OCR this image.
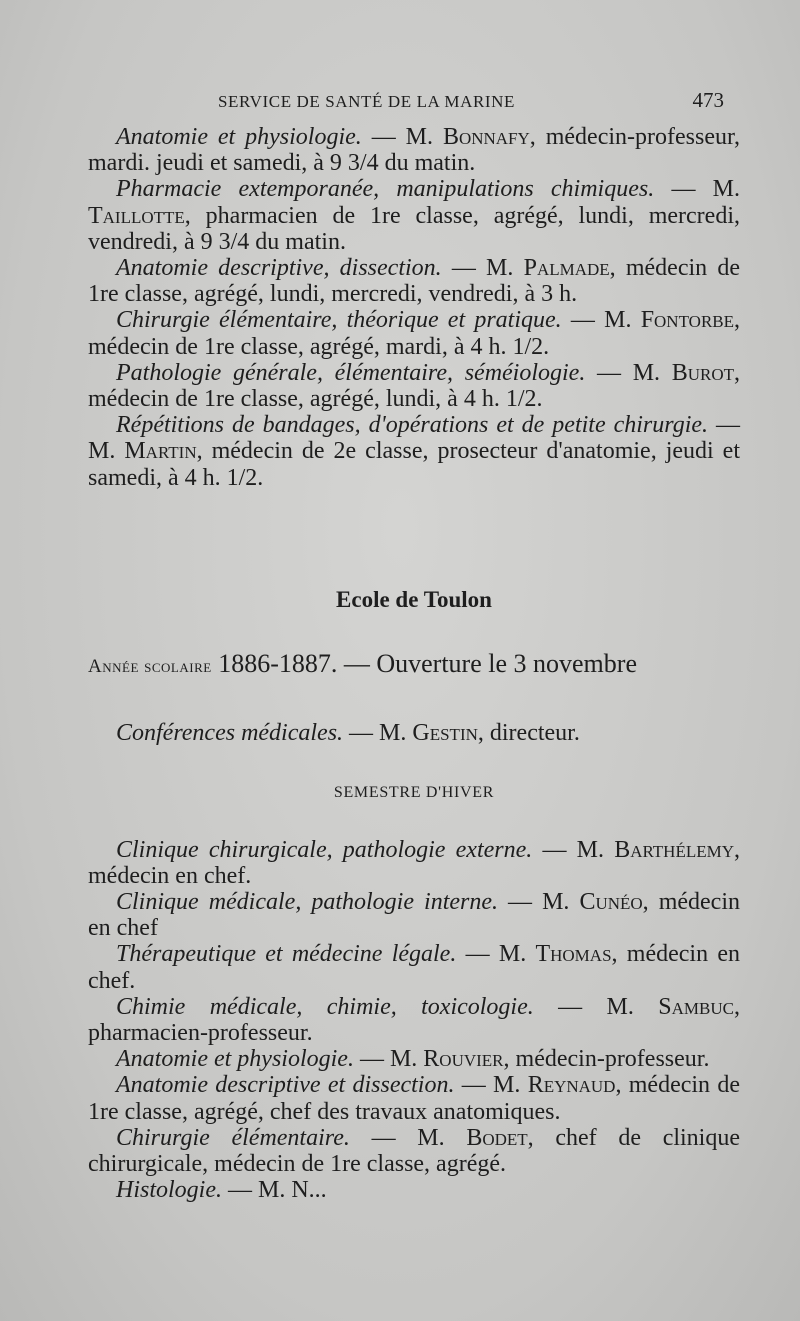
SERVICE DE SANTÉ DE LA MARINE	473

Anatomie et physiologie. — M. Bonnafy, médecin-professeur, mardi. jeudi et samedi, à 9 3/4 du matin.

Pharmacie extemporanée, manipulations chimiques. — M. Taillotte, pharmacien de 1re classe, agrégé, lundi, mercredi, vendredi, à 9 3/4 du matin.

Anatomie descriptive, dissection. — M. Palmade, médecin de 1re classe, agrégé, lundi, mercredi, vendredi, à 3 h.

Chirurgie élémentaire, théorique et pratique. — M. Fontorbe, médecin de 1re classe, agrégé, mardi, à 4 h. 1/2.

Pathologie générale, élémentaire, séméiologie. — M. Burot, médecin de 1re classe, agrégé, lundi, à 4 h. 1/2.

Répétitions de bandages, d'opérations et de petite chirurgie. — M. Martin, médecin de 2e classe, prosecteur d'anatomie, jeudi et samedi, à 4 h. 1/2.

Ecole de Toulon

Année scolaire 1886-1887. — Ouverture le 3 novembre

Conférences médicales. — M. Gestin, directeur.

SEMESTRE D'HIVER

Clinique chirurgicale, pathologie externe. — M. Barthélemy, médecin en chef.

Clinique médicale, pathologie interne. — M. Cunéo, médecin en chef

Thérapeutique et médecine légale. — M. Thomas, médecin en chef.

Chimie médicale, chimie, toxicologie. — M. Sambuc, pharmacien-professeur.

Anatomie et physiologie. — M. Rouvier, médecin-professeur.

Anatomie descriptive et dissection. — M. Reynaud, médecin de 1re classe, agrégé, chef des travaux anatomiques.

Chirurgie élémentaire. — M. Bodet, chef de clinique chirurgicale, médecin de 1re classe, agrégé.

Histologie. — M. N...
